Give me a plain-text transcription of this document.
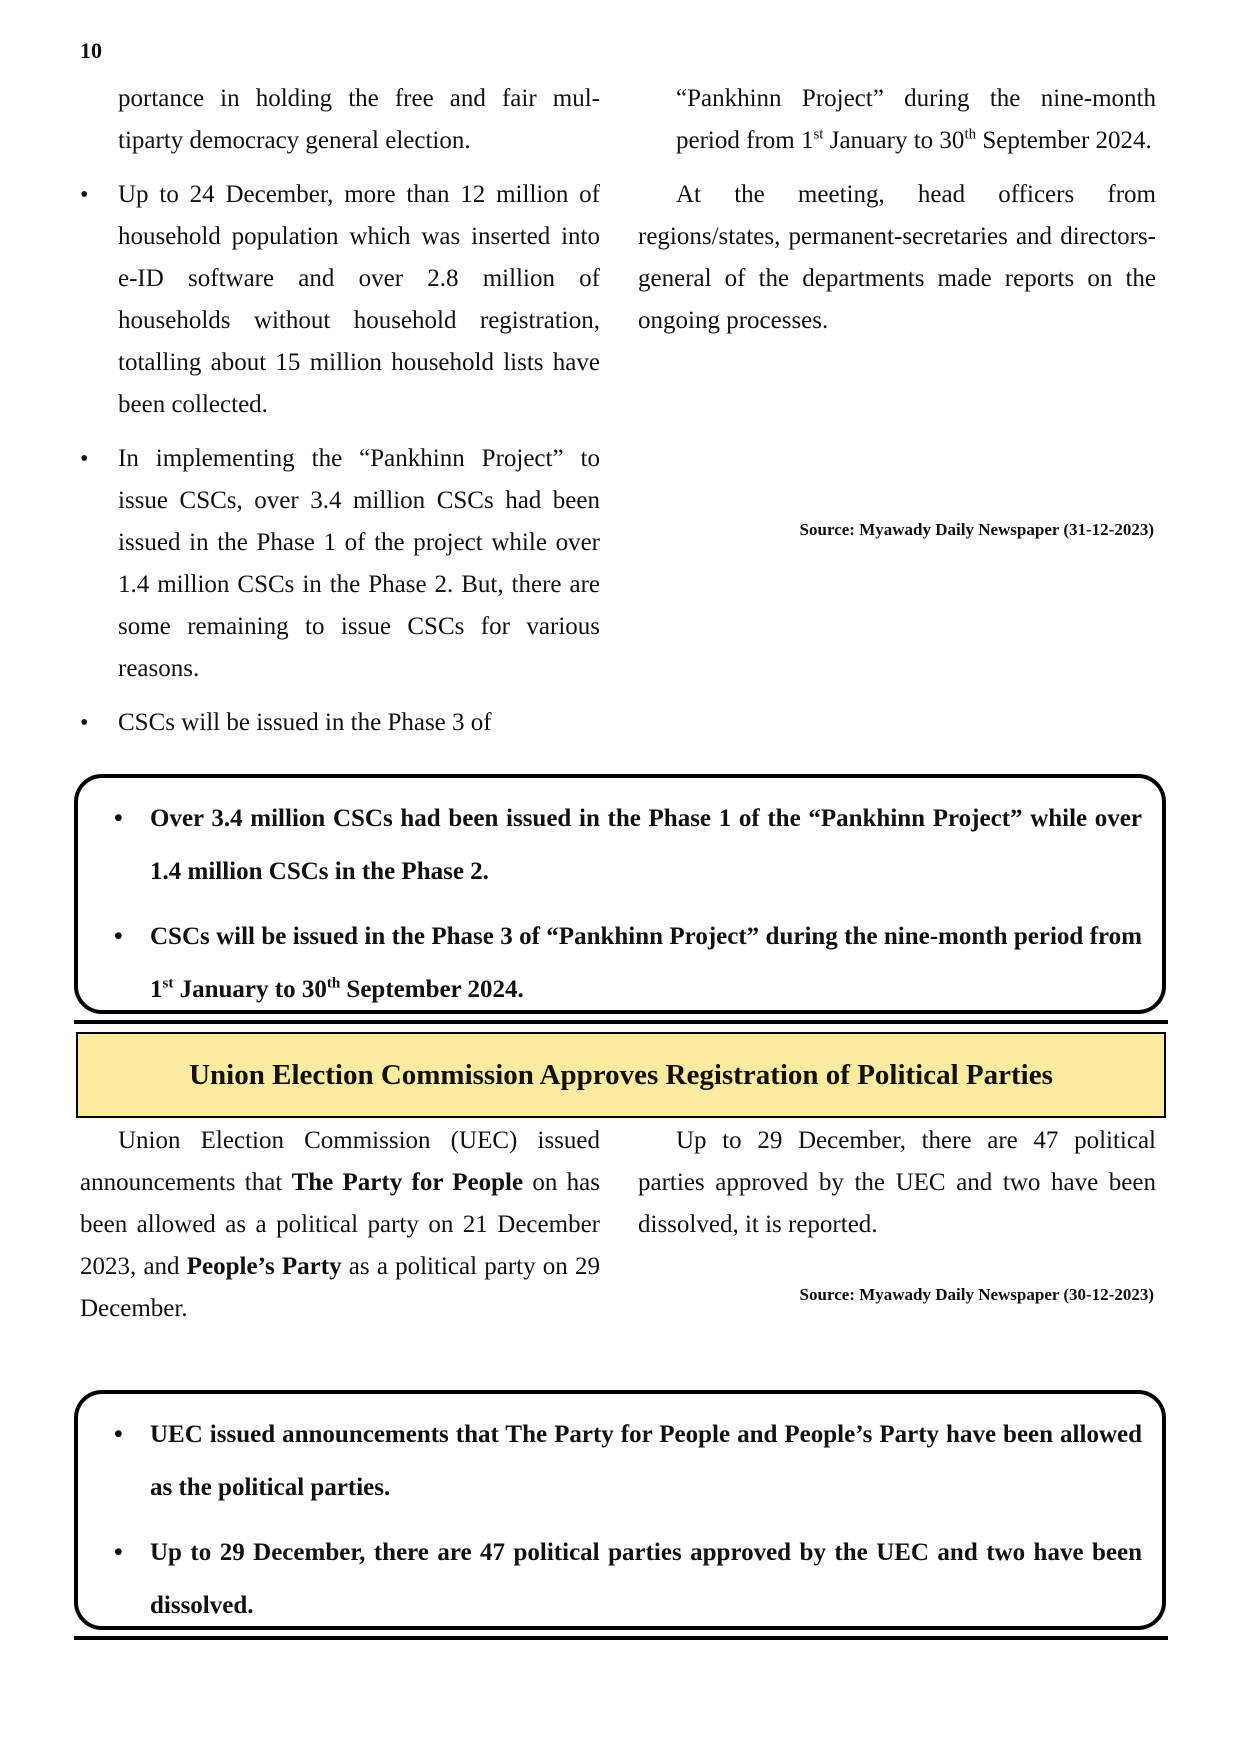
10

portance in holding the free and fair mul- tiparty democracy general election.

• Up to 24 December, more than 12 million of household population which was inserted into e-ID software and over 2.8 million of households without household registration, totalling about 15 million household lists have been collected.
• In implementing the “Pankhinn Project” to issue CSCs, over 3.4 million CSCs had been issued in the Phase 1 of the project while over 1.4 million CSCs in the Phase 2. But, there are some remaining to issue CSCs for various reasons.
• CSCs will be issued in the Phase 3 of

“Pankhinn Project” during the nine-month period from 1st January to 30th September 2024.

At the meeting, head officers from regions/states, permanent-secretaries and directors-general of the departments made reports on the ongoing processes.

Source: Myawady Daily Newspaper (31-12-2023)
• Over 3.4 million CSCs had been issued in the Phase 1 of the “Pankhinn Project” while over 1.4 million CSCs in the Phase 2.
• CSCs will be issued in the Phase 3 of “Pankhinn Project” during the nine-month period from 1st January to 30th September 2024.
Union Election Commission Approves Registration of Political Parties

Union Election Commission (UEC) issued announcements that The Party for People on has been allowed as a political party on 21 December 2023, and People’s Party as a political party on 29 December.

Up to 29 December, there are 47 political parties approved by the UEC and two have been dissolved, it is reported.

Source: Myawady Daily Newspaper (30-12-2023)
• UEC issued announcements that The Party for People and People’s Party have been allowed as the political parties.
• Up to 29 December, there are 47 political parties approved by the UEC and two have been dissolved.
